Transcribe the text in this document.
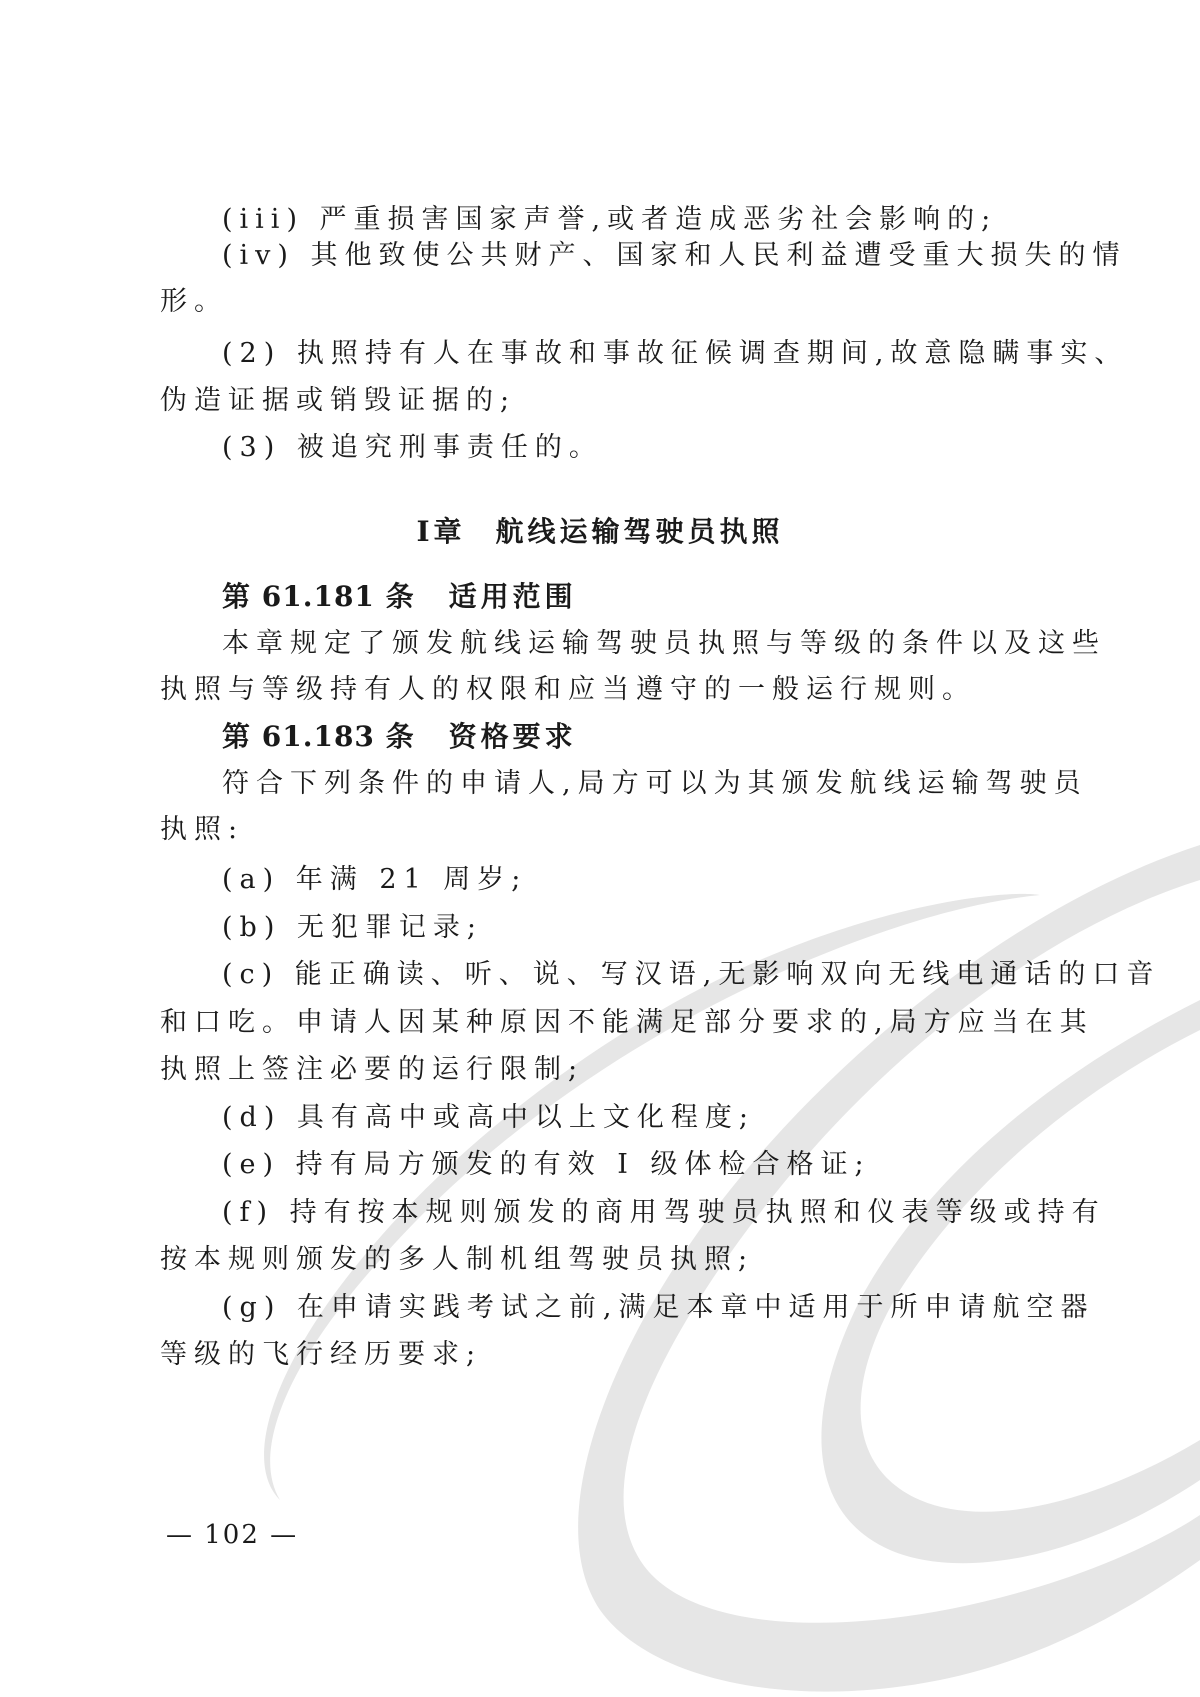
(iii) 严重损害国家声誉,或者造成恶劣社会影响的;

(iv) 其他致使公共财产、国家和人民利益遭受重大损失的情

形。

(2) 执照持有人在事故和事故征候调查期间,故意隐瞒事实、

伪造证据或销毁证据的;

(3) 被追究刑事责任的。

I章 航线运输驾驶员执照
第 61.181 条 适用范围

本章规定了颁发航线运输驾驶员执照与等级的条件以及这些

执照与等级持有人的权限和应当遵守的一般运行规则。

第 61.183 条 资格要求

符合下列条件的申请人,局方可以为其颁发航线运输驾驶员

执照:

(a) 年满 21 周岁;

(b) 无犯罪记录;

(c) 能正确读、听、说、写汉语,无影响双向无线电通话的口音

和口吃。申请人因某种原因不能满足部分要求的,局方应当在其

执照上签注必要的运行限制;

(d) 具有高中或高中以上文化程度;

(e) 持有局方颁发的有效 I 级体检合格证;

(f) 持有按本规则颁发的商用驾驶员执照和仪表等级或持有

按本规则颁发的多人制机组驾驶员执照;

(g) 在申请实践考试之前,满足本章中适用于所申请航空器

等级的飞行经历要求;

— 102 —
